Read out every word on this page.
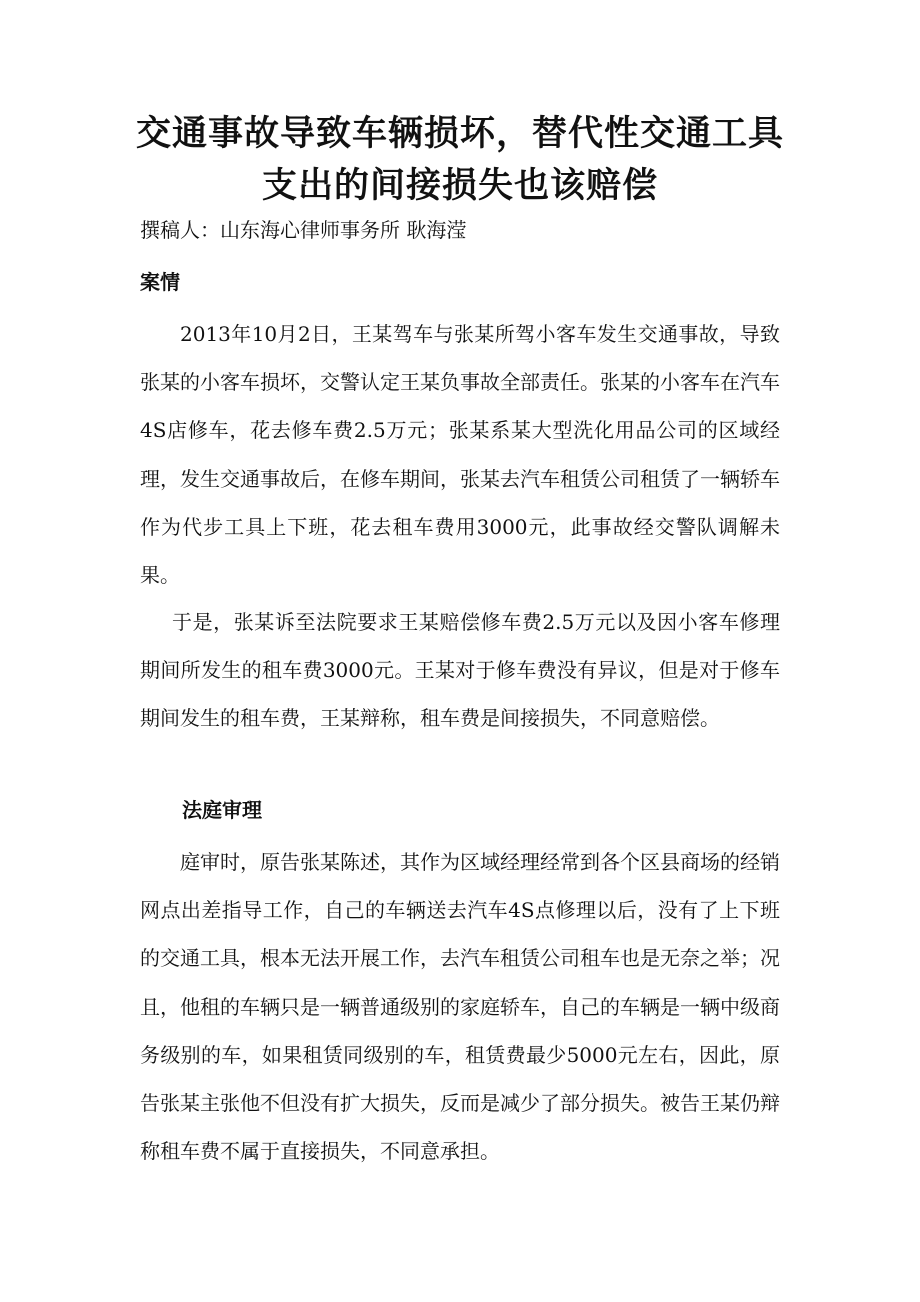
交通事故导致车辆损坏，替代性交通工具支出的间接损失也该赔偿

撰稿人：山东海心律师事务所 耿海滢

案情

2013年10月2日，王某驾车与张某所驾小客车发生交通事故，导致张某的小客车损坏，交警认定王某负事故全部责任。张某的小客车在汽车4S店修车，花去修车费2.5万元；张某系某大型洗化用品公司的区域经理，发生交通事故后，在修车期间，张某去汽车租赁公司租赁了一辆轿车作为代步工具上下班，花去租车费用3000元，此事故经交警队调解未果。

于是，张某诉至法院要求王某赔偿修车费2.5万元以及因小客车修理期间所发生的租车费3000元。王某对于修车费没有异议，但是对于修车期间发生的租车费，王某辩称，租车费是间接损失，不同意赔偿。

法庭审理

庭审时，原告张某陈述，其作为区域经理经常到各个区县商场的经销网点出差指导工作，自己的车辆送去汽车4S点修理以后，没有了上下班的交通工具，根本无法开展工作，去汽车租赁公司租车也是无奈之举；况且，他租的车辆只是一辆普通级别的家庭轿车，自己的车辆是一辆中级商务级别的车，如果租赁同级别的车，租赁费最少5000元左右，因此，原告张某主张他不但没有扩大损失，反而是减少了部分损失。被告王某仍辩称租车费不属于直接损失，不同意承担。
